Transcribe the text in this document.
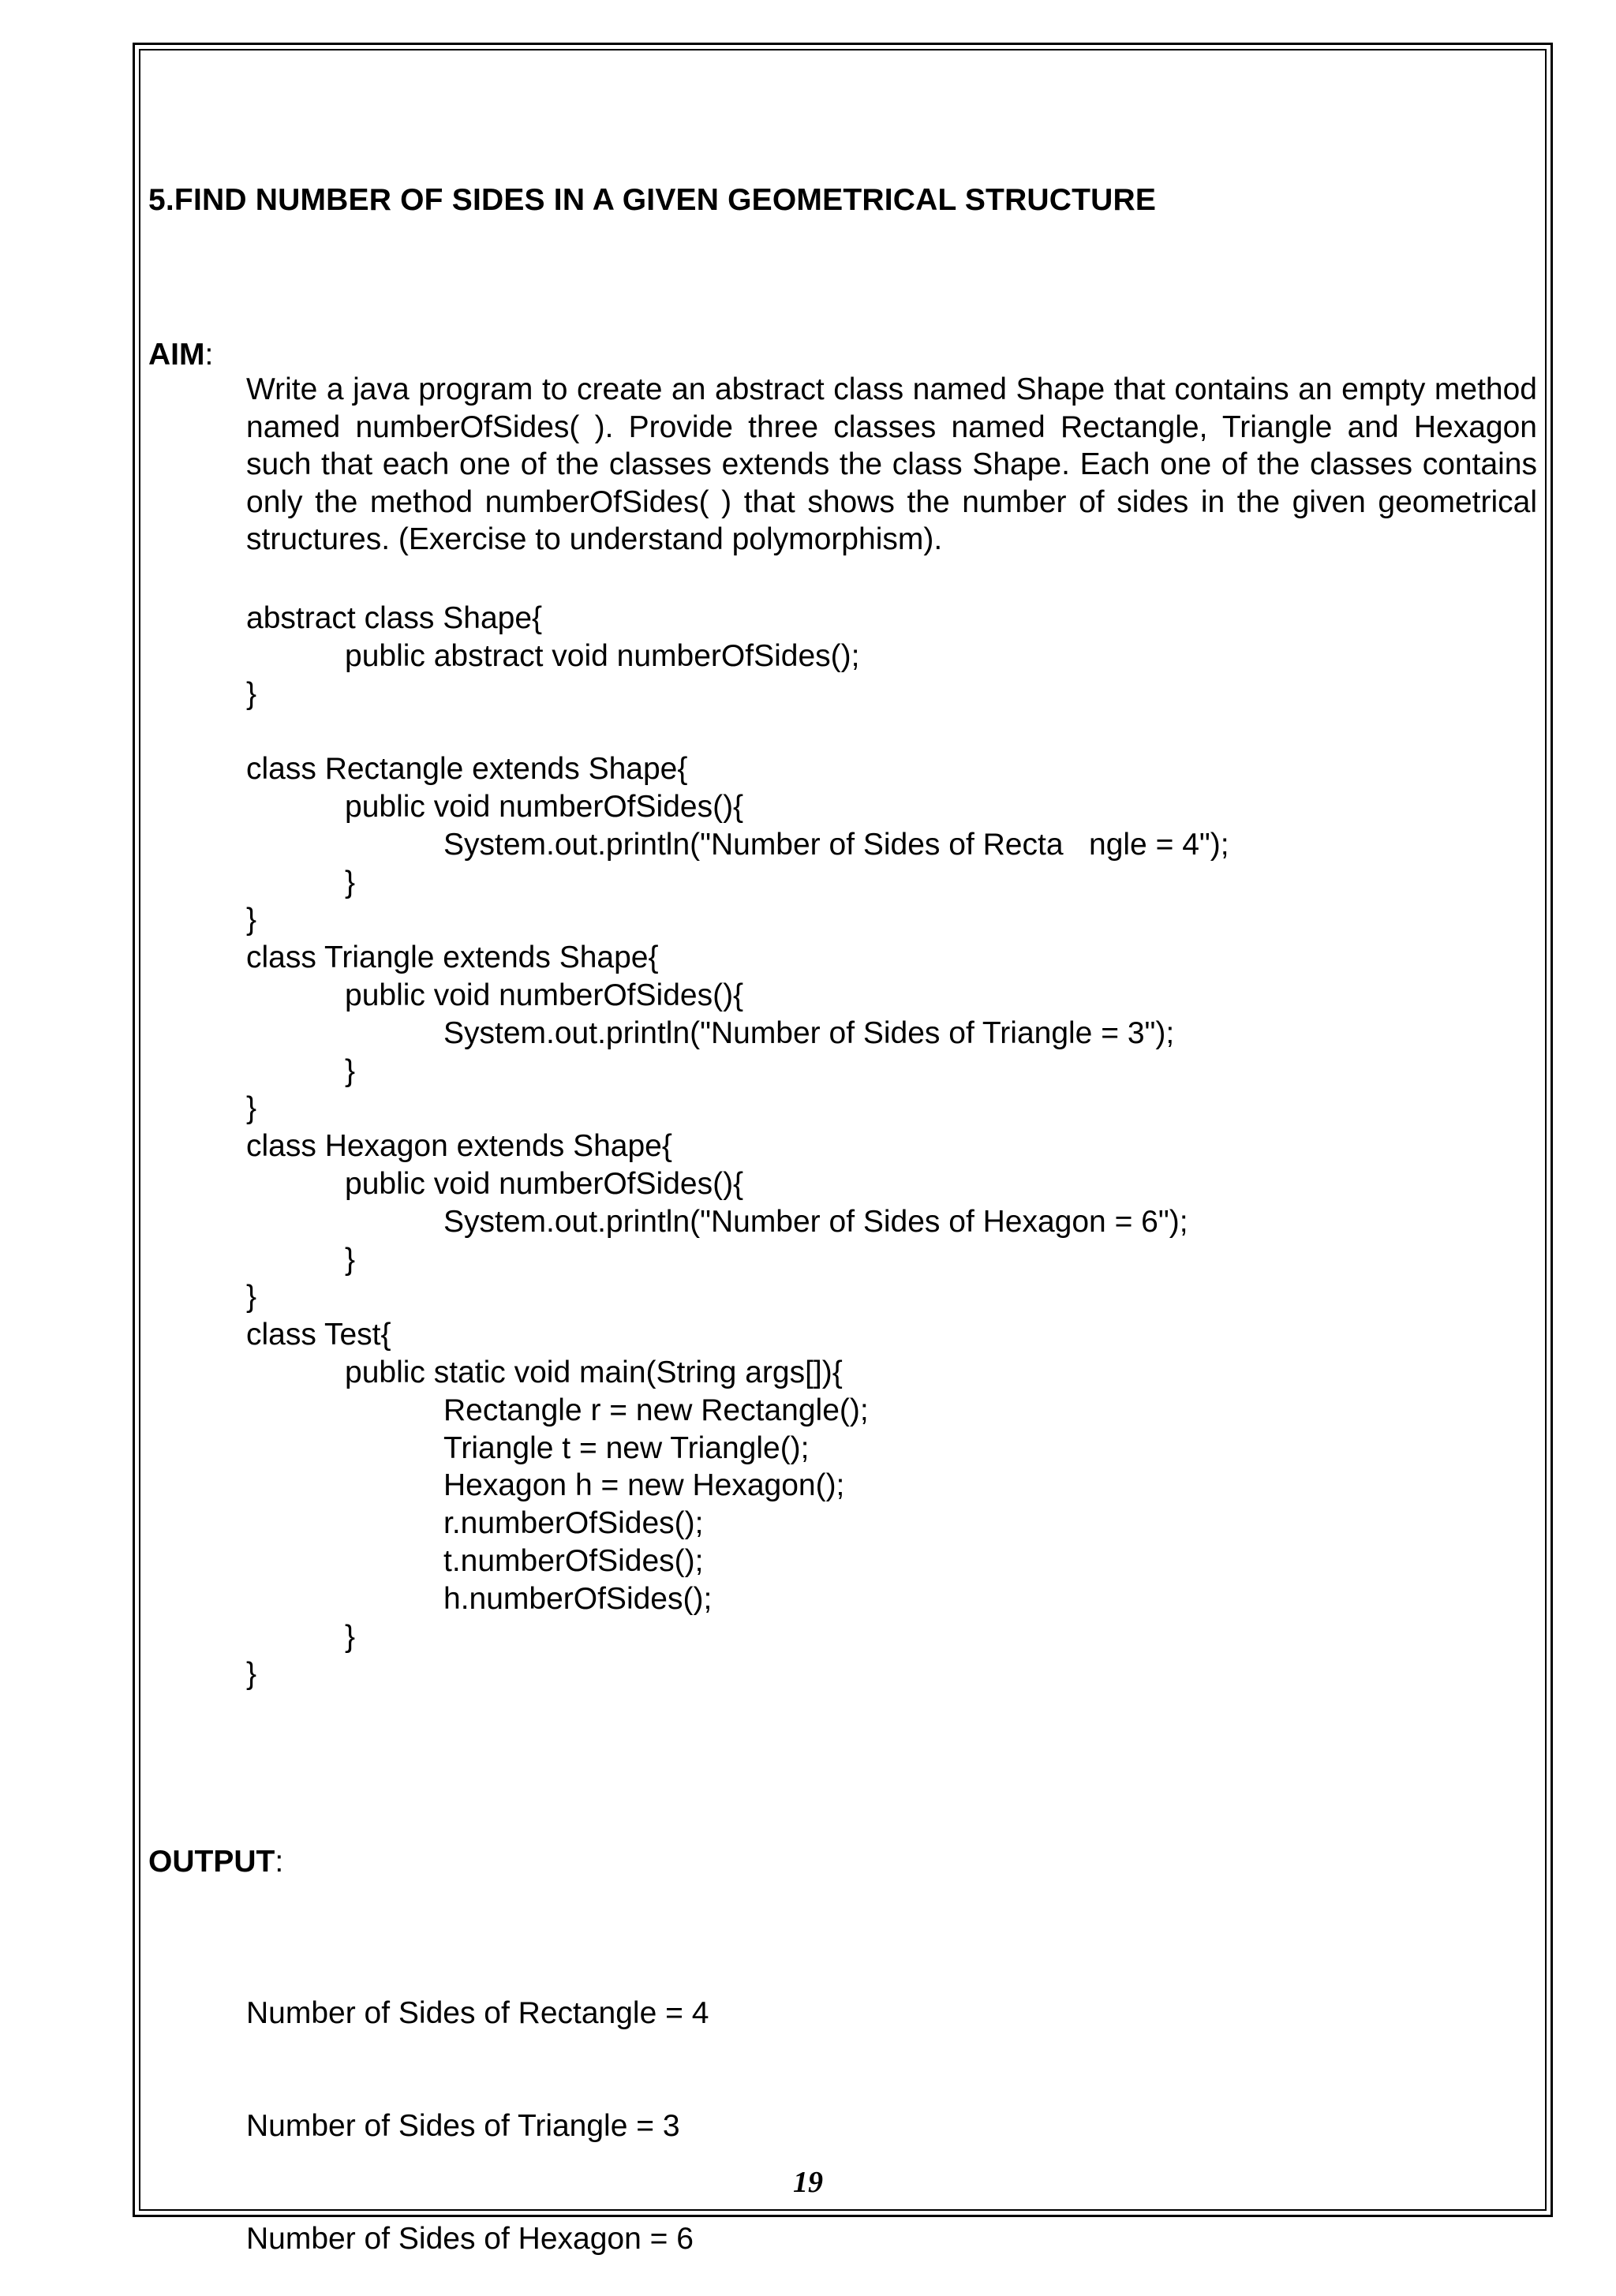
5.FIND NUMBER OF SIDES IN A GIVEN GEOMETRICAL STRUCTURE
AIM:
Write a java program to create an abstract class named Shape that contains an empty method named numberOfSides( ). Provide three classes named Rectangle, Triangle and Hexagon such that each one of the classes extends the class Shape. Each one of the classes contains only the method numberOfSides( ) that shows the number of sides in the given geometrical structures. (Exercise to understand polymorphism).
abstract class Shape{
public abstract void numberOfSides();
}
class Rectangle extends Shape{
public void numberOfSides(){
System.out.println("Number of Sides of Recta   ngle = 4");
}
}
class Triangle extends Shape{
public void numberOfSides(){
System.out.println("Number of Sides of Triangle = 3");
}
}
class Hexagon extends Shape{
public void numberOfSides(){
System.out.println("Number of Sides of Hexagon = 6");
}
}
class Test{
public static void main(String args[]){
Rectangle r = new Rectangle();
Triangle t = new Triangle();
Hexagon h = new Hexagon();
r.numberOfSides();
t.numberOfSides();
h.numberOfSides();
}
}
OUTPUT:

Number of Sides of Rectangle = 4

Number of Sides of Triangle = 3

Number of Sides of Hexagon = 6

19
